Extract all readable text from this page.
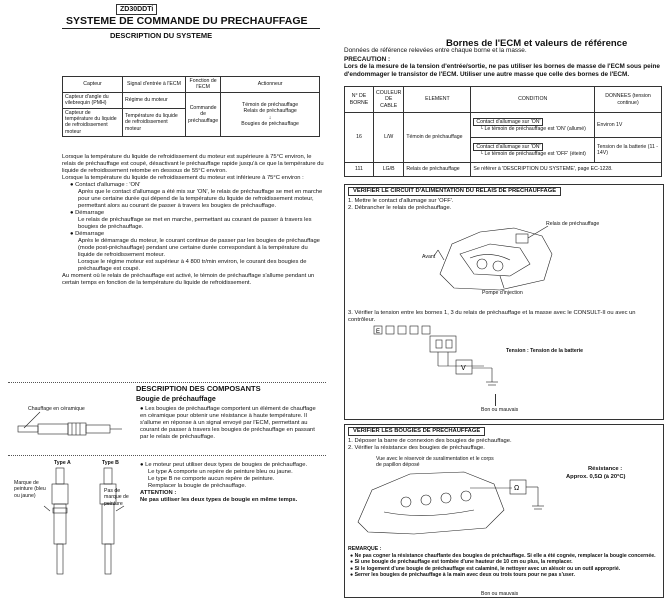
ZD30DDTi
SYSTEME DE COMMANDE DU PRECHAUFFAGE
DESCRIPTION DU SYSTEME
Capteur	Signal d'entrée à l'ECM	Fonction de l'ECM	Actionneur
Capteur d'angle du vilebrequin (PMH)	Régime du moteur	Commande de préchauffage	Témoin de préchauffage
Relais de préchauffage
↓
Bougies de préchauffage
Capteur de température du liquide de refroidissement moteur	Température du liquide de refroidissement moteur		
Lorsque la température du liquide de refroidissement du moteur est supérieure à 75°C environ, le relais de préchauffage est coupé, désactivant le préchauffage rapide jusqu'à ce que la température du liquide de refroidissement retombe en dessous de 55°C environ.
Lorsque la température du liquide de refroidissement du moteur est inférieure à 75°C environ :
● Contact d'allumage : 'ON'
Après que le contact d'allumage a été mis sur 'ON', le relais de préchauffage se met en marche pour une certaine durée qui dépend de la température du liquide de refroidissement moteur, permettant alors au courant de passer à travers les bougies de préchauffage.
● Démarrage
Le relais de préchauffage se met en marche, permettant au courant de passer à travers les bougies de préchauffage.
● Démarrage
Après le démarrage du moteur, le courant continue de passer par les bougies de préchauffage (mode post-préchauffage) pendant une certaine durée correspondant à la température du liquide de refroidissement moteur.
Lorsque le régime moteur est supérieur à 4 800 tr/min environ, le courant des bougies de préchauffage est coupé.
Au moment où le relais de préchauffage est activé, le témoin de préchauffage s'allume pendant un certain temps en fonction de la température du liquide de refroidissement.
Chauffage en céramique
DESCRIPTION DES COMPOSANTS
Bougie de préchauffage
● Les bougies de préchauffage comportent un élément de chauffage en céramique pour obtenir une résistance à haute température. Il s'allume en réponse à un signal envoyé par l'ECM, permettant au courant de passer à travers les bougies de préchauffage en passant par le relais de préchauffage.
Type A	Type B
Marque de peinture (bleu ou jaune)
Pas de marque de peinture
● Le moteur peut utiliser deux types de bougies de préchauffage.
Le type A comporte un repère de peinture bleu ou jaune.
Le type B ne comporte aucun repère de peinture.
Remplacer la bougie de préchauffage.
ATTENTION :
Ne pas utiliser les deux types de bougie en même temps.
Bornes de l'ECM et valeurs de référence
Données de référence relevées entre chaque borne et la masse.
PRECAUTION :
Lors de la mesure de la tension d'entrée/sortie, ne pas utiliser les bornes de masse de l'ECM sous peine d'endommager le transistor de l'ECM. Utiliser une autre masse que celle des bornes de l'ECM.
N° DE BORNE	COULEUR DE CABLE	ELEMENT	CONDITION	DONNEES (tension continue)
16	L/W	Témoin de préchauffage	Contact d'allumage sur 'ON'
└ Le témoin de préchauffage est 'ON' (allumé)	Environ 1V
			Contact d'allumage sur 'ON'
└ Le témoin de préchauffage est 'OFF' (éteint)	Tension de la batterie (11 - 14V)
111	LG/B	Relais de préchauffage	Se référer à 'DESCRIPTION DU SYSTEME', page EC-1228.	
VERIFIER LE CIRCUIT D'ALIMENTATION DU RELAIS DE PRECHAUFFAGE
1. Mettre le contact d'allumage sur 'OFF'.
2. Débrancher le relais de préchauffage.
Relais de préchauffage
Avant
Pompe d'injection
3. Vérifier la tension entre les bornes 1, 3 du relais de préchauffage et la masse avec le CONSULT-II ou avec un contrôleur.
E
V
Tension : Tension de la batterie
Bon ou mauvais
VERIFIER LES BOUGIES DE PRECHAUFFAGE
1. Déposer la barre de connexion des bougies de préchauffage.
2. Vérifier la résistance des bougies de préchauffage.
Vue avec le réservoir de suralimentation et le corps de papillon déposé
Ω
Résistance :
Approx. 0,5Ω (à 20°C)
REMARQUE :
● Ne pas cogner la résistance chauffante des bougies de préchauffage. Si elle a été cognée, remplacer la bougie concernée.
● Si une bougie de préchauffage est tombée d'une hauteur de 10 cm ou plus, la remplacer.
● Si le logement d'une bougie de préchauffage est calaminé, le nettoyer avec un alésoir ou un outil approprié.
● Serrer les bougies de préchauffage à la main avec deux ou trois tours pour ne pas s'user.
Bon ou mauvais
